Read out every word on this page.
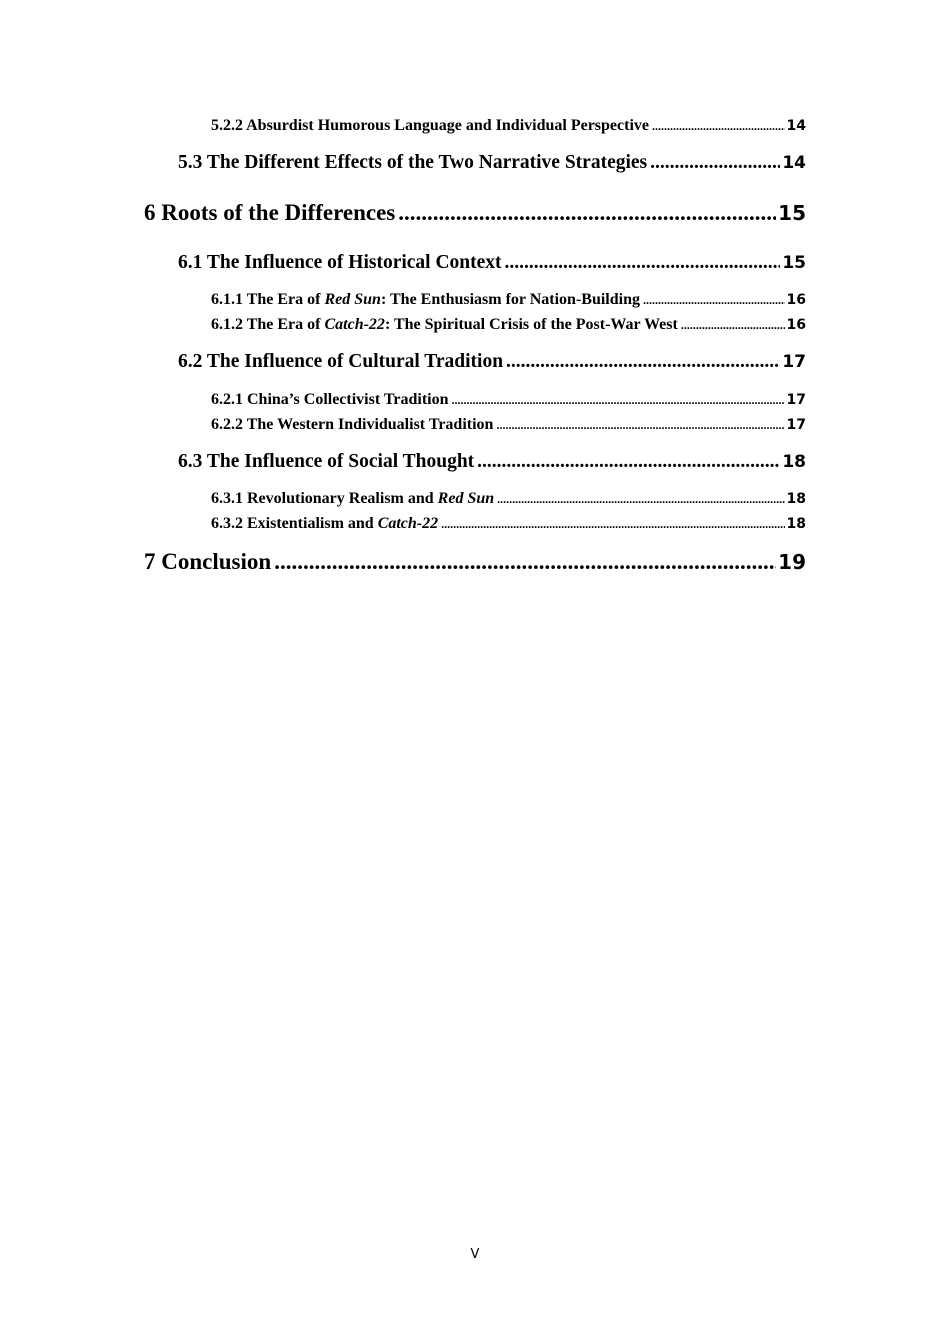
5.2.2 Absurdist Humorous Language and Individual Perspective .....	14
5.3 The Different Effects of the Two Narrative Strategies .....	14
6 Roots of the Differences .....	15
6.1 The Influence of Historical Context .....	15
6.1.1 The Era of Red Sun: The Enthusiasm for Nation-Building .....	16
6.1.2 The Era of Catch-22: The Spiritual Crisis of the Post-War West .....	16
6.2 The Influence of Cultural Tradition .....	17
6.2.1 China’s Collectivist Tradition .....	17
6.2.2 The Western Individualist Tradition .....	17
6.3 The Influence of Social Thought .....	18
6.3.1 Revolutionary Realism and Red Sun .....	18
6.3.2 Existentialism and Catch-22 .....	18
7 Conclusion .....	19
V
